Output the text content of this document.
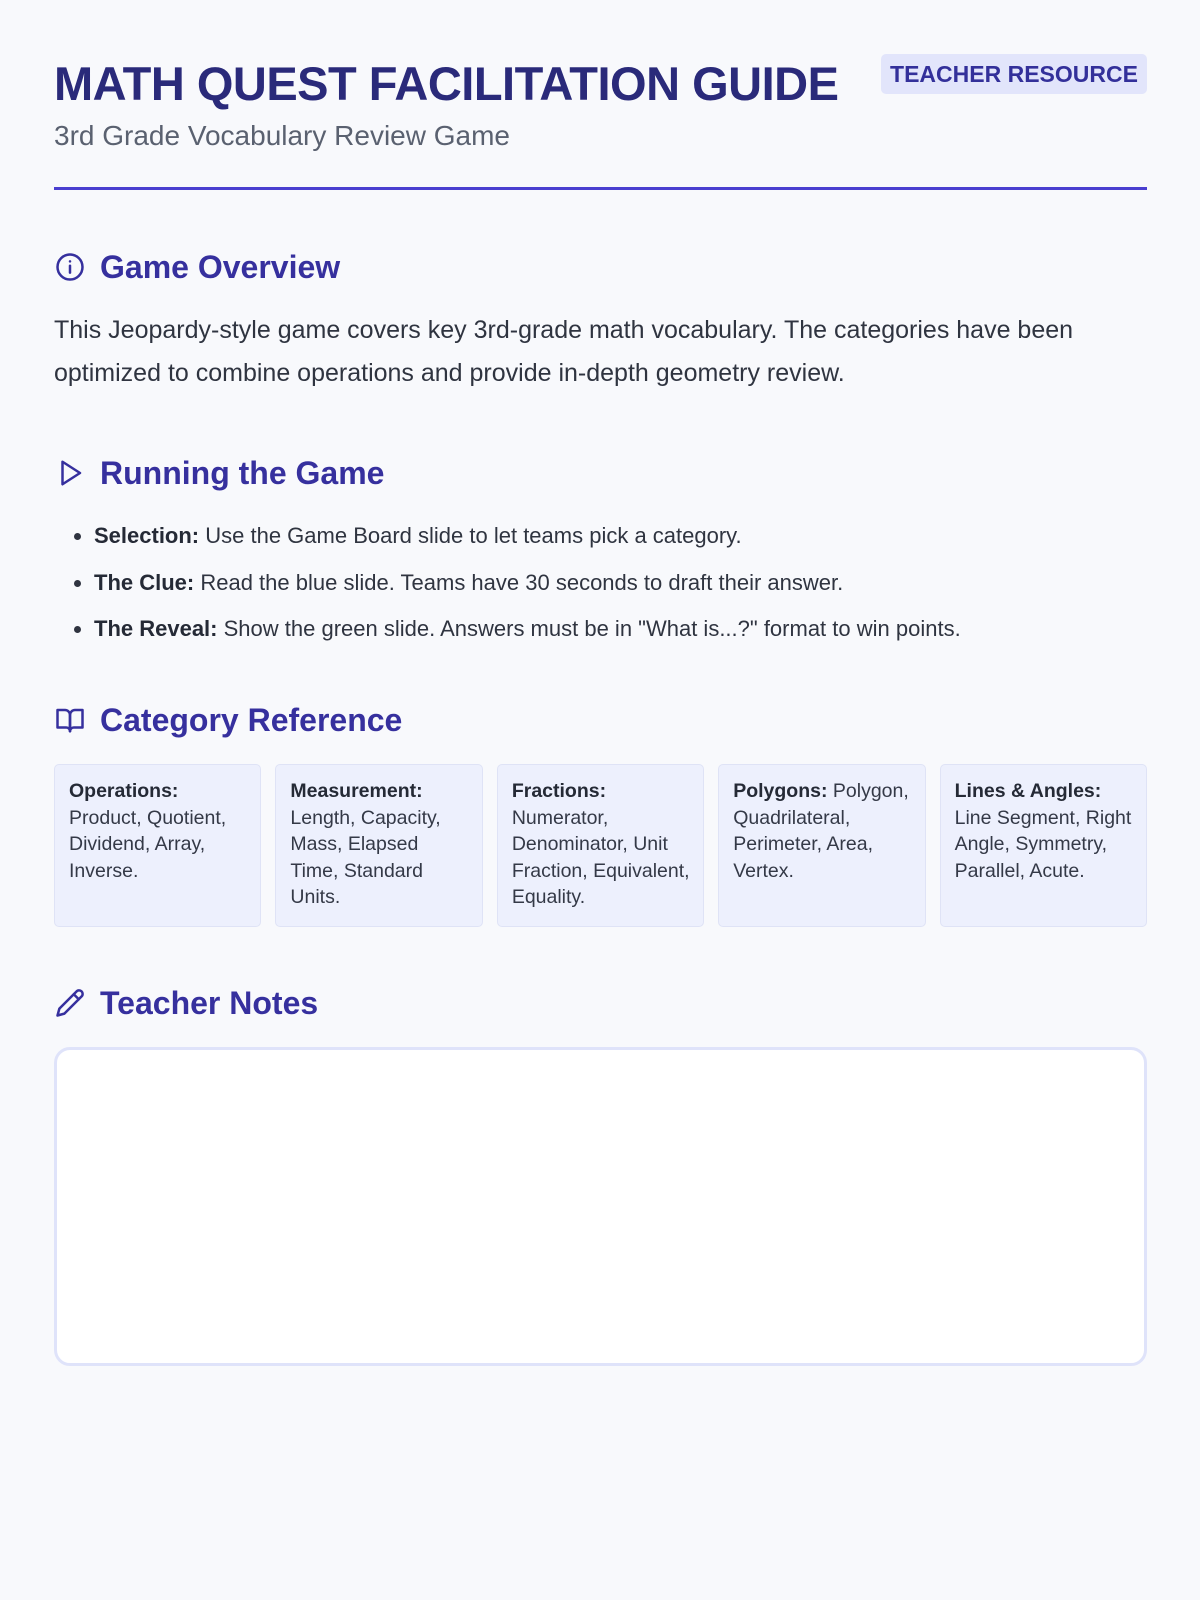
MATH QUEST FACILITATION GUIDE

3rd Grade Vocabulary Review Game

TEACHER RESOURCE
Game Overview

This Jeopardy-style game covers key 3rd-grade math vocabulary. The categories have been optimized to combine operations and provide in-depth geometry review.

Running the Game
• Selection: Use the Game Board slide to let teams pick a category.
• The Clue: Read the blue slide. Teams have 30 seconds to draft their answer.
• The Reveal: Show the green slide. Answers must be in "What is...?" format to win points.
Category Reference
Operations: Product, Quotient, Dividend, Array, Inverse.
Measurement: Length, Capacity, Mass, Elapsed Time, Standard Units.
Fractions: Numerator, Denominator, Unit Fraction, Equivalent, Equality.
Polygons: Polygon, Quadrilateral, Perimeter, Area, Vertex.
Lines & Angles: Line Segment, Right Angle, Symmetry, Parallel, Acute.
Teacher Notes
